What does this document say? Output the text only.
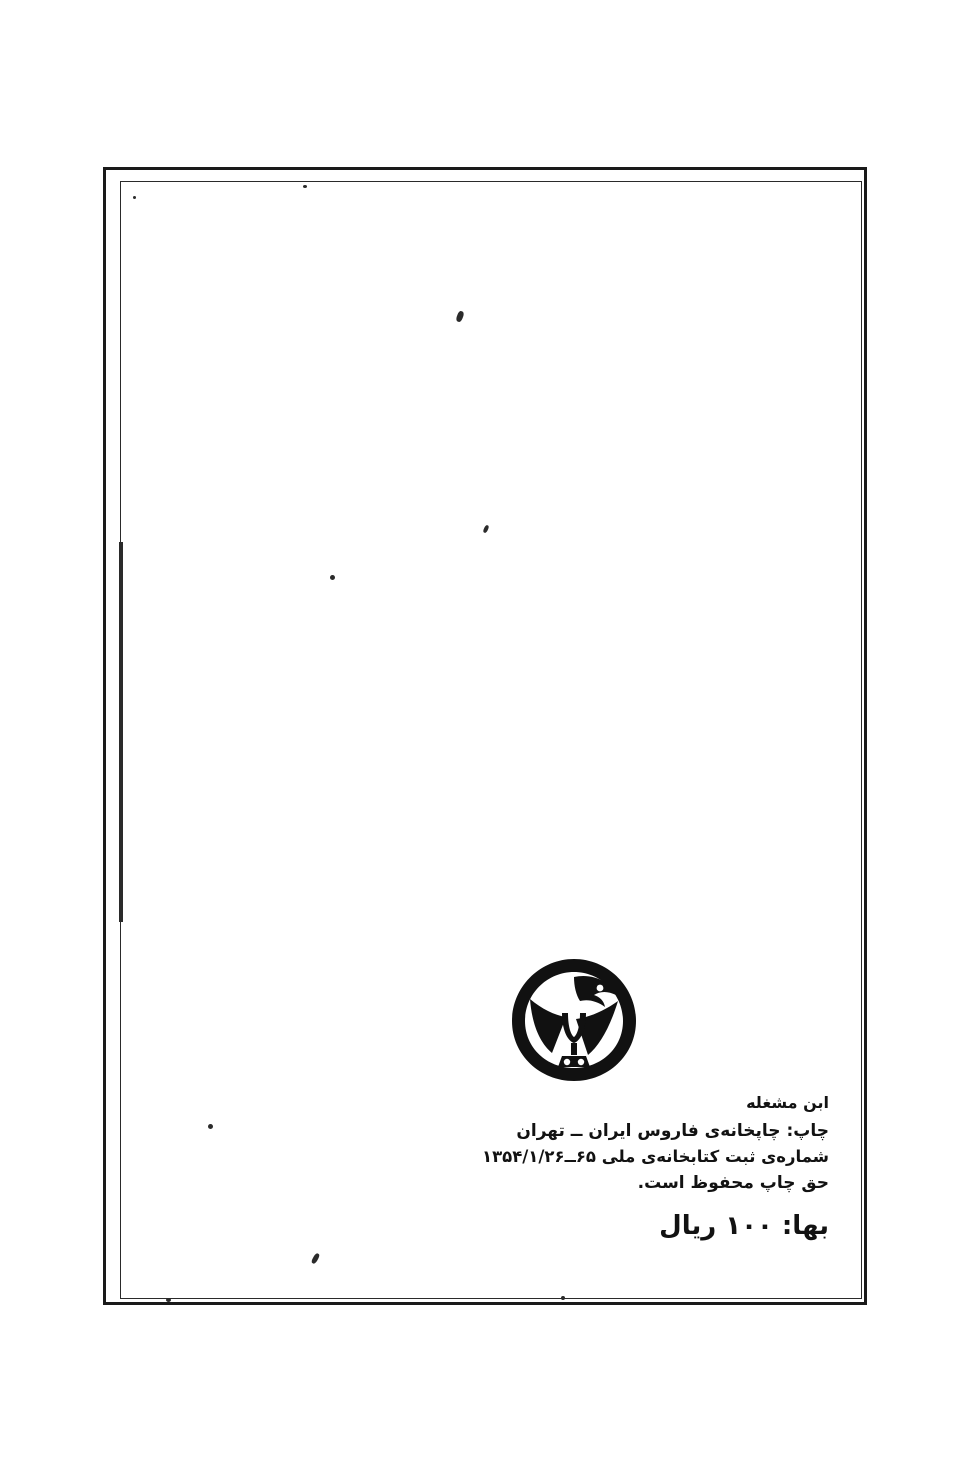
ابن مشغله
چاپ: چاپخانه‌ی فاروس ایران ــ تهران
شماره‌ی ثبت کتابخانه‌ی ملی ۶۵ــ۱۳۵۴/۱/۲۶
حق چاپ محفوظ است.
بها: ۱۰۰ ریال
